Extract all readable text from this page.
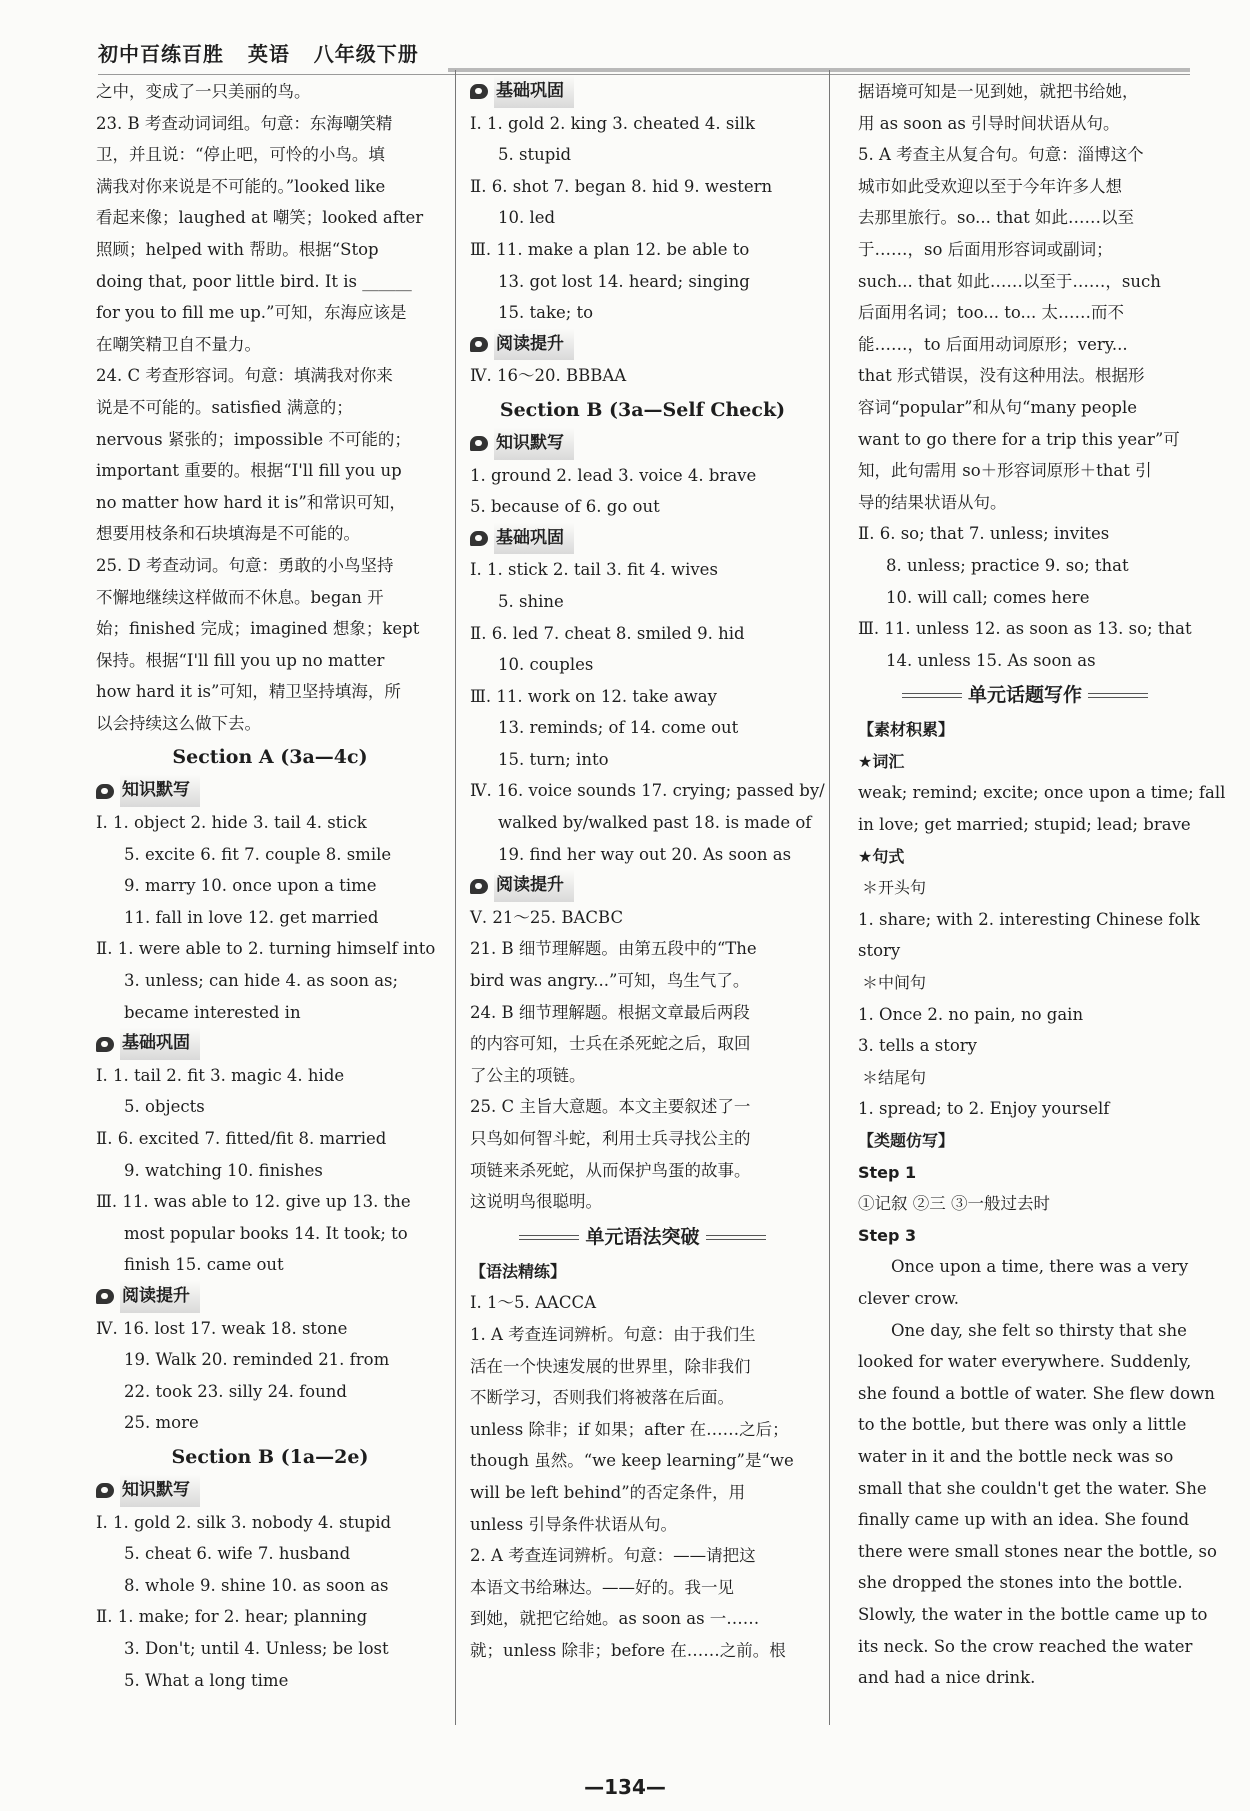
初中百练百胜   英语   八年级下册
之中，变成了一只美丽的鸟。
23. B 考查动词词组。句意：东海嘲笑精
卫，并且说：“停止吧，可怜的小鸟。填
满我对你来说是不可能的。”looked like
看起来像；laughed at 嘲笑；looked after
照顾；helped with 帮助。根据“Stop
doing that, poor little bird. It is ______
for you to fill me up.”可知，东海应该是
在嘲笑精卫自不量力。
24. C 考查形容词。句意：填满我对你来
说是不可能的。satisfied 满意的；
nervous 紧张的；impossible 不可能的；
important 重要的。根据“I'll fill you up
no matter how hard it is”和常识可知，
想要用枝条和石块填海是不可能的。
25. D 考查动词。句意：勇敢的小鸟坚持
不懈地继续这样做而不休息。began 开
始；finished 完成；imagined 想象；kept
保持。根据“I'll fill you up no matter
how hard it is”可知，精卫坚持填海，所
以会持续这么做下去。
Section A (3a—4c)
知识默写
Ⅰ. 1. object 2. hide 3. tail 4. stick
5. excite 6. fit 7. couple 8. smile
9. marry 10. once upon a time
11. fall in love 12. get married
Ⅱ. 1. were able to 2. turning himself into
3. unless; can hide 4. as soon as;
became interested in
基础巩固
Ⅰ. 1. tail 2. fit 3. magic 4. hide
5. objects
Ⅱ. 6. excited 7. fitted/fit 8. married
9. watching 10. finishes
Ⅲ. 11. was able to 12. give up 13. the
most popular books 14. It took; to
finish 15. came out
阅读提升
Ⅳ. 16. lost 17. weak 18. stone
19. Walk 20. reminded 21. from
22. took 23. silly 24. found
25. more
Section B (1a—2e)
知识默写
Ⅰ. 1. gold 2. silk 3. nobody 4. stupid
5. cheat 6. wife 7. husband
8. whole 9. shine 10. as soon as
Ⅱ. 1. make; for 2. hear; planning
3. Don't; until 4. Unless; be lost
5. What a long time
基础巩固
Ⅰ. 1. gold 2. king 3. cheated 4. silk
5. stupid
Ⅱ. 6. shot 7. began 8. hid 9. western
10. led
Ⅲ. 11. make a plan 12. be able to
13. got lost 14. heard; singing
15. take; to
阅读提升
Ⅳ. 16～20. BBBAA
Section B (3a—Self Check)
知识默写
1. ground 2. lead 3. voice 4. brave
5. because of 6. go out
基础巩固
Ⅰ. 1. stick 2. tail 3. fit 4. wives
5. shine
Ⅱ. 6. led 7. cheat 8. smiled 9. hid
10. couples
Ⅲ. 11. work on 12. take away
13. reminds; of 14. come out
15. turn; into
Ⅳ. 16. voice sounds 17. crying; passed by/
walked by/walked past 18. is made of
19. find her way out 20. As soon as
阅读提升
Ⅴ. 21～25. BACBC
21. B 细节理解题。由第五段中的“The
bird was angry...”可知，鸟生气了。
24. B 细节理解题。根据文章最后两段
的内容可知，士兵在杀死蛇之后，取回
了公主的项链。
25. C 主旨大意题。本文主要叙述了一
只鸟如何智斗蛇，利用士兵寻找公主的
项链来杀死蛇，从而保护鸟蛋的故事。
这说明鸟很聪明。
单元语法突破
【语法精练】
Ⅰ. 1～5. AACCA
1. A 考查连词辨析。句意：由于我们生
活在一个快速发展的世界里，除非我们
不断学习，否则我们将被落在后面。
unless 除非；if 如果；after 在……之后；
though 虽然。“we keep learning”是“we
will be left behind”的否定条件，用
unless 引导条件状语从句。
2. A 考查连词辨析。句意：——请把这
本语文书给琳达。——好的。我一见
到她，就把它给她。as soon as 一……
就；unless 除非；before 在……之前。根
据语境可知是一见到她，就把书给她，
用 as soon as 引导时间状语从句。
5. A 考查主从复合句。句意：淄博这个
城市如此受欢迎以至于今年许多人想
去那里旅行。so... that 如此……以至
于……，so 后面用形容词或副词；
such... that 如此……以至于……，such
后面用名词；too... to... 太……而不
能……，to 后面用动词原形；very...
that 形式错误，没有这种用法。根据形
容词“popular”和从句“many people
want to go there for a trip this year”可
知，此句需用 so＋形容词原形＋that 引
导的结果状语从句。
Ⅱ. 6. so; that 7. unless; invites
8. unless; practice 9. so; that
10. will call; comes here
Ⅲ. 11. unless 12. as soon as 13. so; that
14. unless 15. As soon as
单元话题写作
【素材积累】
★词汇
weak; remind; excite; once upon a time; fall
in love; get married; stupid; lead; brave
★句式
＊开头句
1. share; with 2. interesting Chinese folk
story
＊中间句
1. Once 2. no pain, no gain
3. tells a story
＊结尾句
1. spread; to 2. Enjoy yourself
【类题仿写】
Step 1
①记叙 ②三 ③一般过去时
Step 3
Once upon a time, there was a very
clever crow.
One day, she felt so thirsty that she
looked for water everywhere. Suddenly,
she found a bottle of water. She flew down
to the bottle, but there was only a little
water in it and the bottle neck was so
small that she couldn't get the water. She
finally came up with an idea. She found
there were small stones near the bottle, so
she dropped the stones into the bottle.
Slowly, the water in the bottle came up to
its neck. So the crow reached the water
and had a nice drink.
—134—
